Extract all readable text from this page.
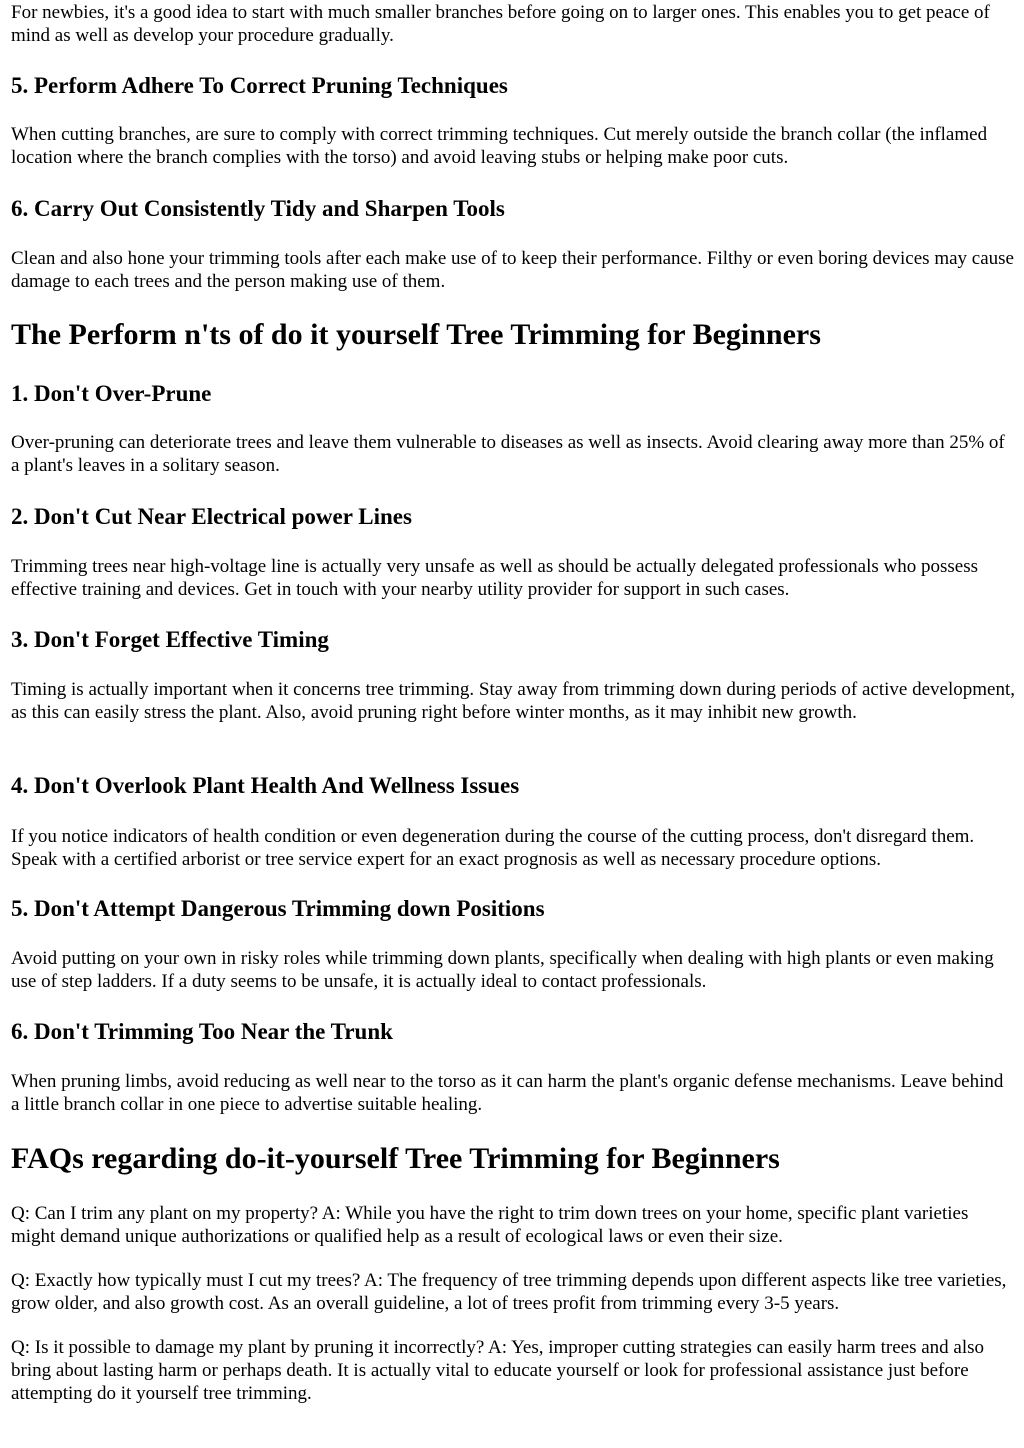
For newbies, it's a good idea to start with much smaller branches before going on to larger ones. This enables you to get peace of mind as well as develop your procedure gradually.

5. Perform Adhere To Correct Pruning Techniques

When cutting branches, are sure to comply with correct trimming techniques. Cut merely outside the branch collar (the inflamed location where the branch complies with the torso) and avoid leaving stubs or helping make poor cuts.

6. Carry Out Consistently Tidy and Sharpen Tools

Clean and also hone your trimming tools after each make use of to keep their performance. Filthy or even boring devices may cause damage to each trees and the person making use of them.

The Perform n'ts of do it yourself Tree Trimming for Beginners
1. Don't Over-Prune

Over-pruning can deteriorate trees and leave them vulnerable to diseases as well as insects. Avoid clearing away more than 25% of a plant's leaves in a solitary season.

2. Don't Cut Near Electrical power Lines

Trimming trees near high-voltage line is actually very unsafe as well as should be actually delegated professionals who possess effective training and devices. Get in touch with your nearby utility provider for support in such cases.

3. Don't Forget Effective Timing

Timing is actually important when it concerns tree trimming. Stay away from trimming down during periods of active development, as this can easily stress the plant. Also, avoid pruning right before winter months, as it may inhibit new growth.

4. Don't Overlook Plant Health And Wellness Issues

If you notice indicators of health condition or even degeneration during the course of the cutting process, don't disregard them. Speak with a certified arborist or tree service expert for an exact prognosis as well as necessary procedure options.

5. Don't Attempt Dangerous Trimming down Positions

Avoid putting on your own in risky roles while trimming down plants, specifically when dealing with high plants or even making use of step ladders. If a duty seems to be unsafe, it is actually ideal to contact professionals.

6. Don't Trimming Too Near the Trunk

When pruning limbs, avoid reducing as well near to the torso as it can harm the plant's organic defense mechanisms. Leave behind a little branch collar in one piece to advertise suitable healing.

FAQs regarding do-it-yourself Tree Trimming for Beginners

Q: Can I trim any plant on my property? A: While you have the right to trim down trees on your home, specific plant varieties might demand unique authorizations or qualified help as a result of ecological laws or even their size.

Q: Exactly how typically must I cut my trees? A: The frequency of tree trimming depends upon different aspects like tree varieties, grow older, and also growth cost. As an overall guideline, a lot of trees profit from trimming every 3-5 years.

Q: Is it possible to damage my plant by pruning it incorrectly? A: Yes, improper cutting strategies can easily harm trees and also bring about lasting harm or perhaps death. It is actually vital to educate yourself or look for professional assistance just before attempting do it yourself tree trimming.
